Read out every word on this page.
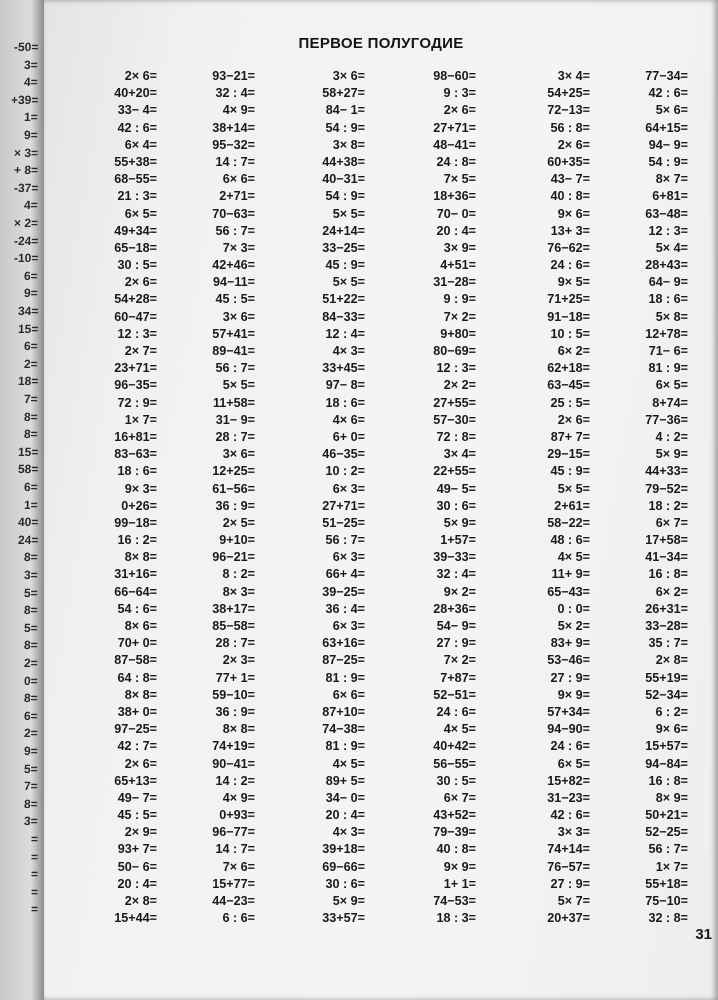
-50=
3=
4=
+39=
1=
9=
× 3=
+ 8=
-37=
4=
× 2=
-24=
-10=
6=
9=
34=
15=
6=
2=
18=
7=
8=
8=
15=
58=
6=
1=
40=
24=
8=
3=
5=
8=
5=
8=
2=
0=
8=
6=
2=
9=
5=
7=
8=
3=
=
=
=
=
=
ПЕРВОЕ ПОЛУГОДИЕ
2× 6=
40+20=
33− 4=
42 : 6=
6× 4=
55+38=
68−55=
21 : 3=
6× 5=
49+34=
65−18=
30 : 5=
2× 6=
54+28=
60−47=
12 : 3=
2× 7=
23+71=
96−35=
72 : 9=
1× 7=
16+81=
83−63=
18 : 6=
9× 3=
0+26=
99−18=
16 : 2=
8× 8=
31+16=
66−64=
54 : 6=
8× 6=
70+ 0=
87−58=
64 : 8=
8× 8=
38+ 0=
97−25=
42 : 7=
2× 6=
65+13=
49− 7=
45 : 5=
2× 9=
93+ 7=
50− 6=
20 : 4=
2× 8=
15+44=
93−21=
32 : 4=
4× 9=
38+14=
95−32=
14 : 7=
6× 6=
2+71=
70−63=
56 : 7=
7× 3=
42+46=
94−11=
45 : 5=
3× 6=
57+41=
89−41=
56 : 7=
5× 5=
11+58=
31− 9=
28 : 7=
3× 6=
12+25=
61−56=
36 : 9=
2× 5=
9+10=
96−21=
8 : 2=
8× 3=
38+17=
85−58=
28 : 7=
2× 3=
77+ 1=
59−10=
36 : 9=
8× 8=
74+19=
90−41=
14 : 2=
4× 9=
0+93=
96−77=
14 : 7=
7× 6=
15+77=
44−23=
6 : 6=
3× 6=
58+27=
84− 1=
54 : 9=
3× 8=
44+38=
40−31=
54 : 9=
5× 5=
24+14=
33−25=
45 : 9=
5× 5=
51+22=
84−33=
12 : 4=
4× 3=
33+45=
97− 8=
18 : 6=
4× 6=
6+ 0=
46−35=
10 : 2=
6× 3=
27+71=
51−25=
56 : 7=
6× 3=
66+ 4=
39−25=
36 : 4=
6× 3=
63+16=
87−25=
81 : 9=
6× 6=
87+10=
74−38=
81 : 9=
4× 5=
89+ 5=
34− 0=
20 : 4=
4× 3=
39+18=
69−66=
30 : 6=
5× 9=
33+57=
98−60=
9 : 3=
2× 6=
27+71=
48−41=
24 : 8=
7× 5=
18+36=
70− 0=
20 : 4=
3× 9=
4+51=
31−28=
9 : 9=
7× 2=
9+80=
80−69=
12 : 3=
2× 2=
27+55=
57−30=
72 : 8=
3× 4=
22+55=
49− 5=
30 : 6=
5× 9=
1+57=
39−33=
32 : 4=
9× 2=
28+36=
54− 9=
27 : 9=
7× 2=
7+87=
52−51=
24 : 6=
4× 5=
40+42=
56−55=
30 : 5=
6× 7=
43+52=
79−39=
40 : 8=
9× 9=
1+ 1=
74−53=
18 : 3=
3× 4=
54+25=
72−13=
56 : 8=
2× 6=
60+35=
43− 7=
40 : 8=
9× 6=
13+ 3=
76−62=
24 : 6=
9× 5=
71+25=
91−18=
10 : 5=
6× 2=
62+18=
63−45=
25 : 5=
2× 6=
87+ 7=
29−15=
45 : 9=
5× 5=
2+61=
58−22=
48 : 6=
4× 5=
11+ 9=
65−43=
0 : 0=
5× 2=
83+ 9=
53−46=
27 : 9=
9× 9=
57+34=
94−90=
24 : 6=
6× 5=
15+82=
31−23=
42 : 6=
3× 3=
74+14=
76−57=
27 : 9=
5× 7=
20+37=
77−34=
42 : 6=
5× 6=
64+15=
94− 9=
54 : 9=
8× 7=
6+81=
63−48=
12 : 3=
5× 4=
28+43=
64− 9=
18 : 6=
5× 8=
12+78=
71− 6=
81 : 9=
6× 5=
8+74=
77−36=
4 : 2=
5× 9=
44+33=
79−52=
18 : 2=
6× 7=
17+58=
41−34=
16 : 8=
6× 2=
26+31=
33−28=
35 : 7=
2× 8=
55+19=
52−34=
6 : 2=
9× 6=
15+57=
94−84=
16 : 8=
8× 9=
50+21=
52−25=
56 : 7=
1× 7=
55+18=
75−10=
32 : 8=
31
